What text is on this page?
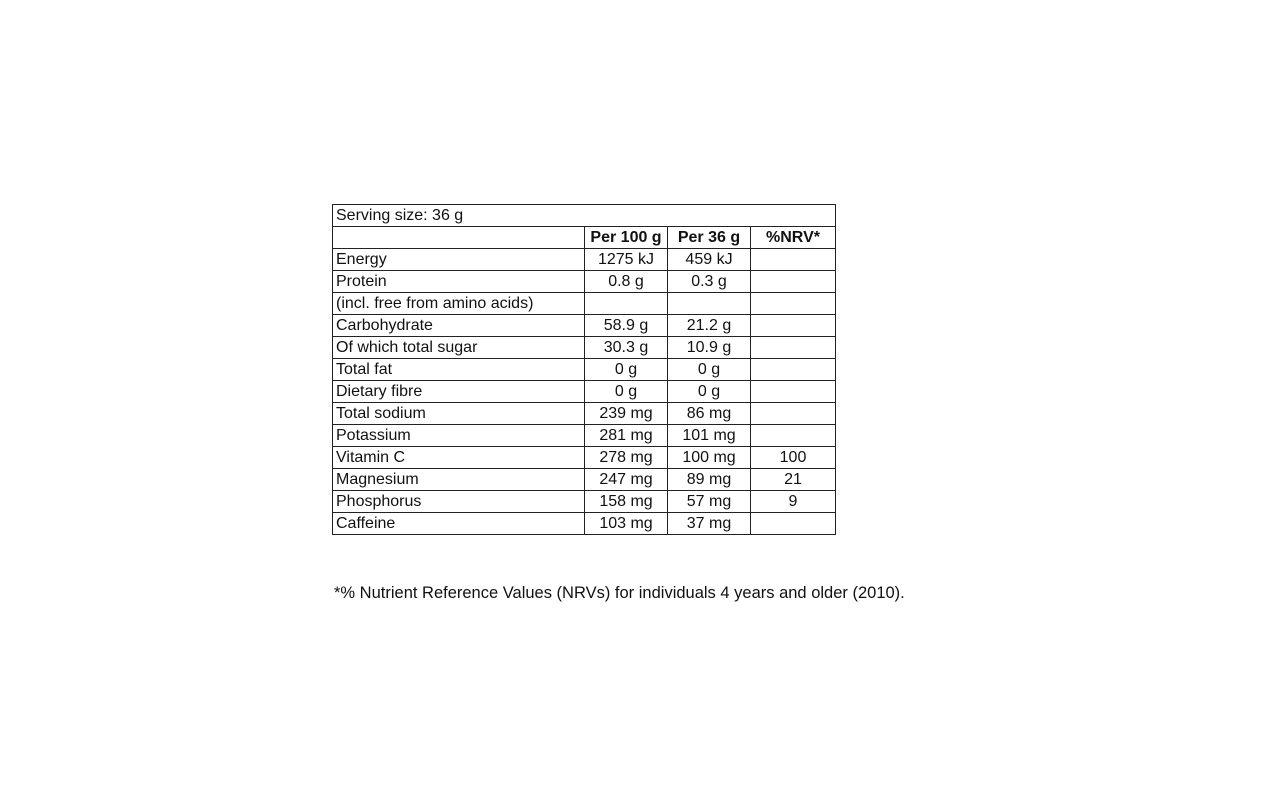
Serving size: 36 g			
	Per 100 g	Per 36 g	%NRV*
Energy	1275 kJ	459 kJ	
Protein	0.8 g	0.3 g	
(incl. free from amino acids)			
Carbohydrate	58.9 g	21.2 g	
Of which total sugar	30.3 g	10.9 g	
Total fat	0 g	0 g	
Dietary fibre	0 g	0 g	
Total sodium	239 mg	86 mg	
Potassium	281 mg	101 mg	
Vitamin C	278 mg	100 mg	100
Magnesium	247 mg	89 mg	21
Phosphorus	158 mg	57 mg	9
Caffeine	103 mg	37 mg	
*% Nutrient Reference Values (NRVs) for individuals 4 years and older (2010).
